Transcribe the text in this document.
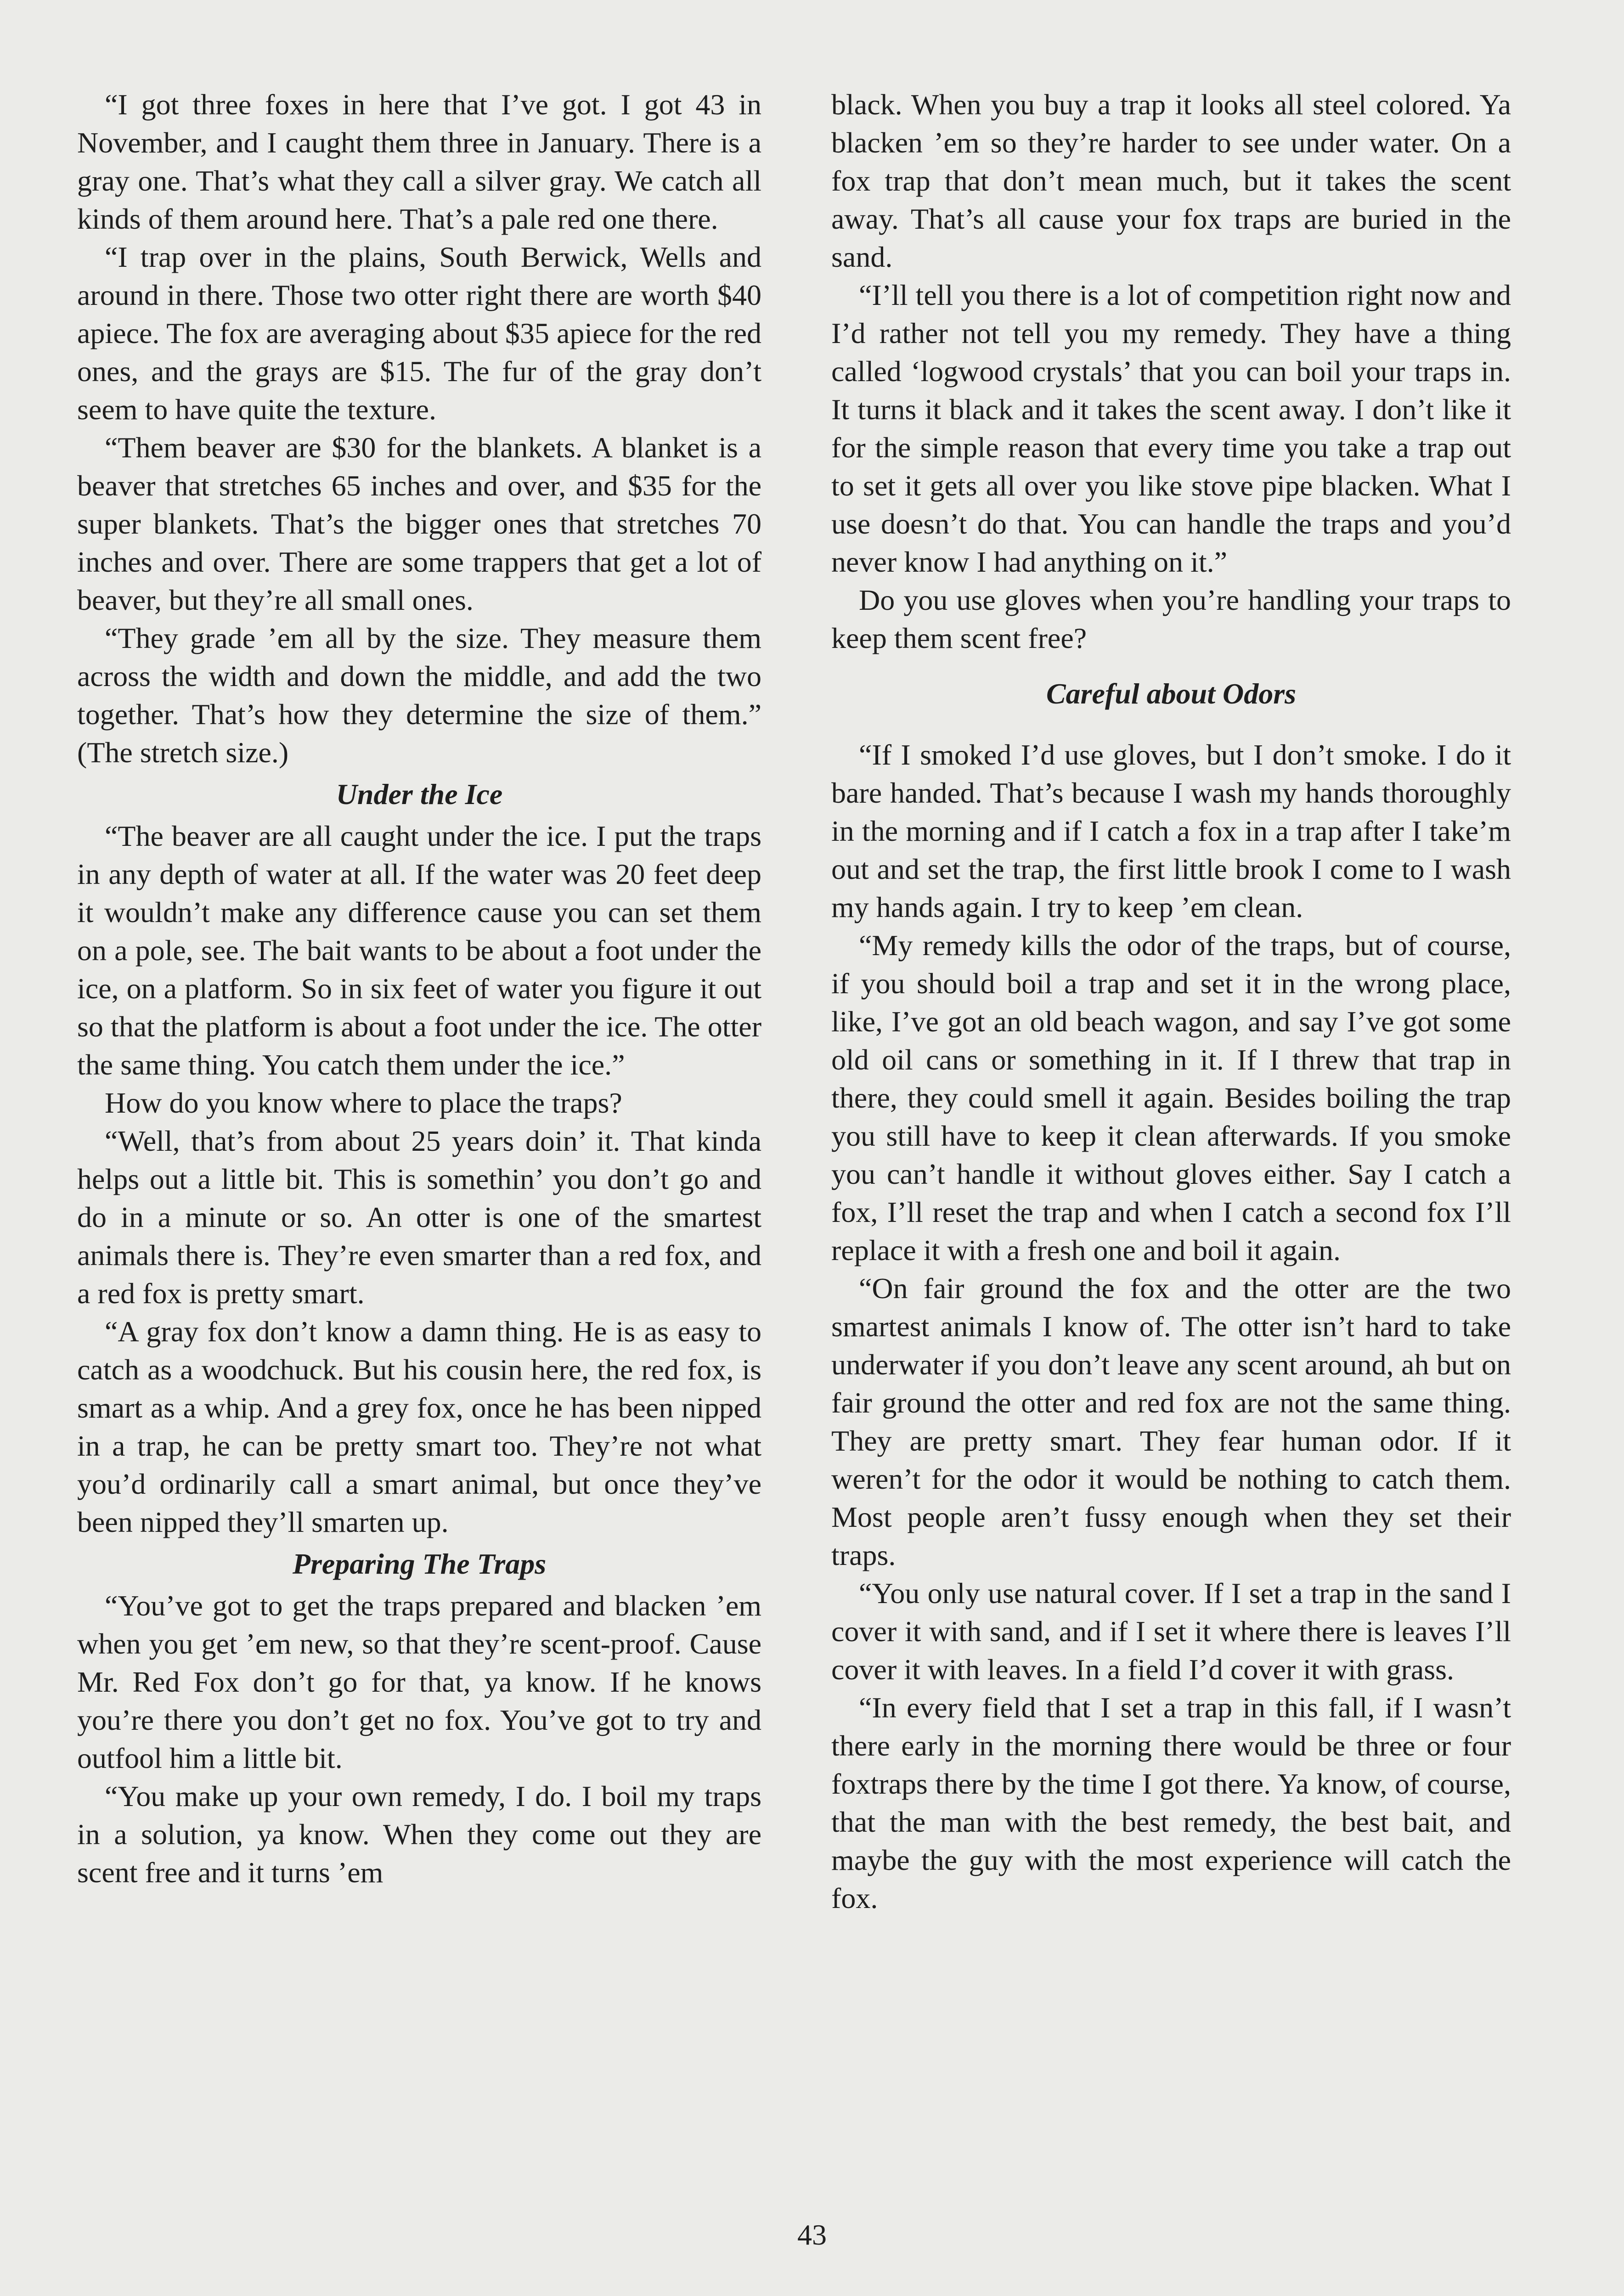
“I got three foxes in here that I’ve got. I got 43 in November, and I caught them three in January. There is a gray one. That’s what they call a silver gray. We catch all kinds of them around here. That’s a pale red one there.

“I trap over in the plains, South Berwick, Wells and around in there. Those two otter right there are worth $40 apiece. The fox are averaging about $35 apiece for the red ones, and the grays are $15. The fur of the gray don’t seem to have quite the texture.

“Them beaver are $30 for the blankets. A blanket is a beaver that stretches 65 inches and over, and $35 for the super blankets. That’s the bigger ones that stretches 70 inches and over. There are some trappers that get a lot of beaver, but they’re all small ones.

“They grade ’em all by the size. They measure them across the width and down the middle, and add the two together. That’s how they determine the size of them.” (The stretch size.)

Under the Ice

“The beaver are all caught under the ice. I put the traps in any depth of water at all. If the water was 20 feet deep it wouldn’t make any difference cause you can set them on a pole, see. The bait wants to be about a foot under the ice, on a platform. So in six feet of water you figure it out so that the platform is about a foot under the ice. The otter the same thing. You catch them under the ice.”

How do you know where to place the traps?

“Well, that’s from about 25 years doin’ it. That kinda helps out a little bit. This is somethin’ you don’t go and do in a minute or so. An otter is one of the smartest animals there is. They’re even smarter than a red fox, and a red fox is pretty smart.

“A gray fox don’t know a damn thing. He is as easy to catch as a woodchuck. But his cousin here, the red fox, is smart as a whip. And a grey fox, once he has been nipped in a trap, he can be pretty smart too. They’re not what you’d ordinarily call a smart animal, but once they’ve been nipped they’ll smarten up.

Preparing The Traps

“You’ve got to get the traps prepared and blacken ’em when you get ’em new, so that they’re scent-proof. Cause Mr. Red Fox don’t go for that, ya know. If he knows you’re there you don’t get no fox. You’ve got to try and outfool him a little bit.

“You make up your own remedy, I do. I boil my traps in a solution, ya know. When they come out they are scent free and it turns ’em

black. When you buy a trap it looks all steel colored. Ya blacken ’em so they’re harder to see under water. On a fox trap that don’t mean much, but it takes the scent away. That’s all cause your fox traps are buried in the sand.

“I’ll tell you there is a lot of competition right now and I’d rather not tell you my remedy. They have a thing called ‘logwood crystals’ that you can boil your traps in. It turns it black and it takes the scent away. I don’t like it for the simple reason that every time you take a trap out to set it gets all over you like stove pipe blacken. What I use doesn’t do that. You can handle the traps and you’d never know I had anything on it.”

Do you use gloves when you’re handling your traps to keep them scent free?

Careful about Odors

“If I smoked I’d use gloves, but I don’t smoke. I do it bare handed. That’s because I wash my hands thoroughly in the morning and if I catch a fox in a trap after I take’m out and set the trap, the first little brook I come to I wash my hands again. I try to keep ’em clean.

“My remedy kills the odor of the traps, but of course, if you should boil a trap and set it in the wrong place, like, I’ve got an old beach wagon, and say I’ve got some old oil cans or something in it. If I threw that trap in there, they could smell it again. Besides boiling the trap you still have to keep it clean afterwards. If you smoke you can’t handle it without gloves either. Say I catch a fox, I’ll reset the trap and when I catch a second fox I’ll replace it with a fresh one and boil it again.

“On fair ground the fox and the otter are the two smartest animals I know of. The otter isn’t hard to take underwater if you don’t leave any scent around, ah but on fair ground the otter and red fox are not the same thing. They are pretty smart. They fear human odor. If it weren’t for the odor it would be nothing to catch them. Most people aren’t fussy enough when they set their traps.

“You only use natural cover. If I set a trap in the sand I cover it with sand, and if I set it where there is leaves I’ll cover it with leaves. In a field I’d cover it with grass.

“In every field that I set a trap in this fall, if I wasn’t there early in the morning there would be three or four foxtraps there by the time I got there. Ya know, of course, that the man with the best remedy, the best bait, and maybe the guy with the most experience will catch the fox.

43
